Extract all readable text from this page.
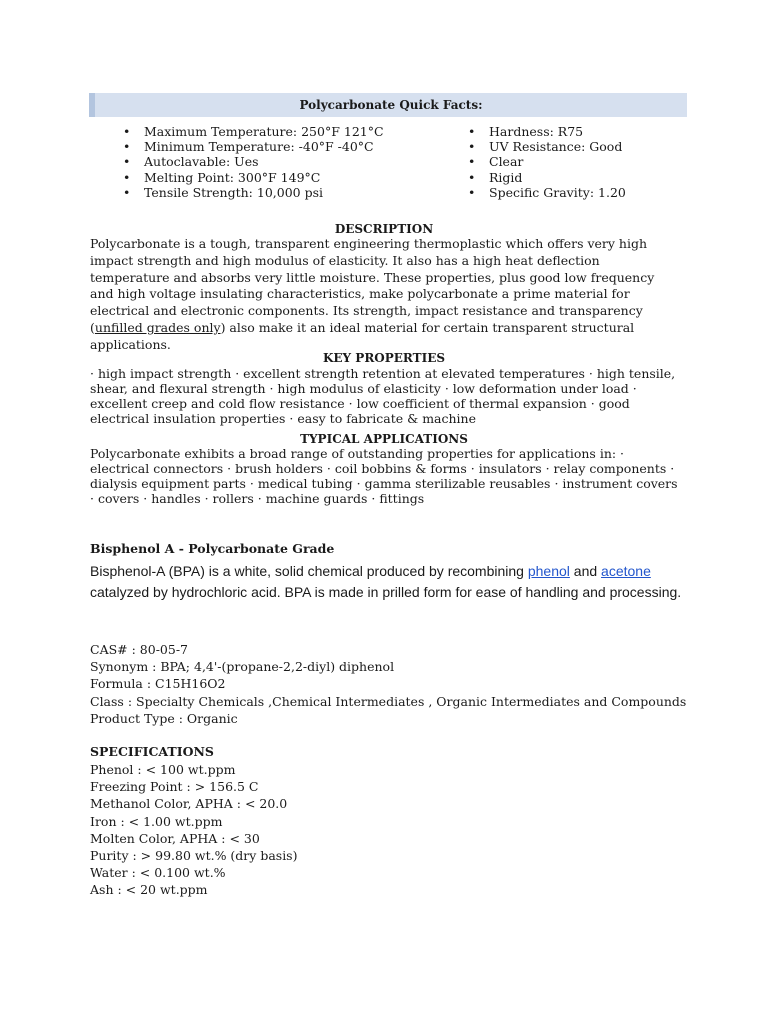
Polycarbonate Quick Facts:
• Maximum Temperature: 250°F 121°C
• Minimum Temperature: -40°F -40°C
• Autoclavable: Ues
• Melting Point: 300°F 149°C
• Tensile Strength: 10,000 psi
• Hardness: R75
• UV Resistance: Good
• Clear
• Rigid
• Specific Gravity: 1.20
DESCRIPTION

Polycarbonate is a tough, transparent engineering thermoplastic which offers very high impact strength and high modulus of elasticity. It also has a high heat deflection temperature and absorbs very little moisture. These properties, plus good low frequency and high voltage insulating characteristics, make polycarbonate a prime material for electrical and electronic components. Its strength, impact resistance and transparency (unfilled grades only) also make it an ideal material for certain transparent structural applications.

KEY PROPERTIES

· high impact strength · excellent strength retention at elevated temperatures · high tensile, shear, and flexural strength · high modulus of elasticity · low deformation under load · excellent creep and cold flow resistance · low coefficient of thermal expansion · good electrical insulation properties · easy to fabricate & machine

TYPICAL APPLICATIONS

Polycarbonate exhibits a broad range of outstanding properties for applications in: · electrical connectors · brush holders · coil bobbins & forms · insulators · relay components · dialysis equipment parts · medical tubing · gamma sterilizable reusables · instrument covers · covers · handles · rollers · machine guards · fittings

Bisphenol A - Polycarbonate Grade

Bisphenol-A (BPA) is a white, solid chemical produced by recombining phenol and acetone catalyzed by hydrochloric acid. BPA is made in prilled form for ease of handling and processing.

CAS# : 80-05-7
Synonym : BPA; 4,4'-(propane-2,2-diyl) diphenol
Formula : C15H16O2
Class : Specialty Chemicals ,Chemical Intermediates , Organic Intermediates and Compounds
Product Type : Organic
SPECIFICATIONS
Phenol : < 100 wt.ppm
Freezing Point : > 156.5 C
Methanol Color, APHA : < 20.0
Iron : < 1.00 wt.ppm
Molten Color, APHA : < 30
Purity : > 99.80 wt.% (dry basis)
Water : < 0.100 wt.%
Ash : < 20 wt.ppm
